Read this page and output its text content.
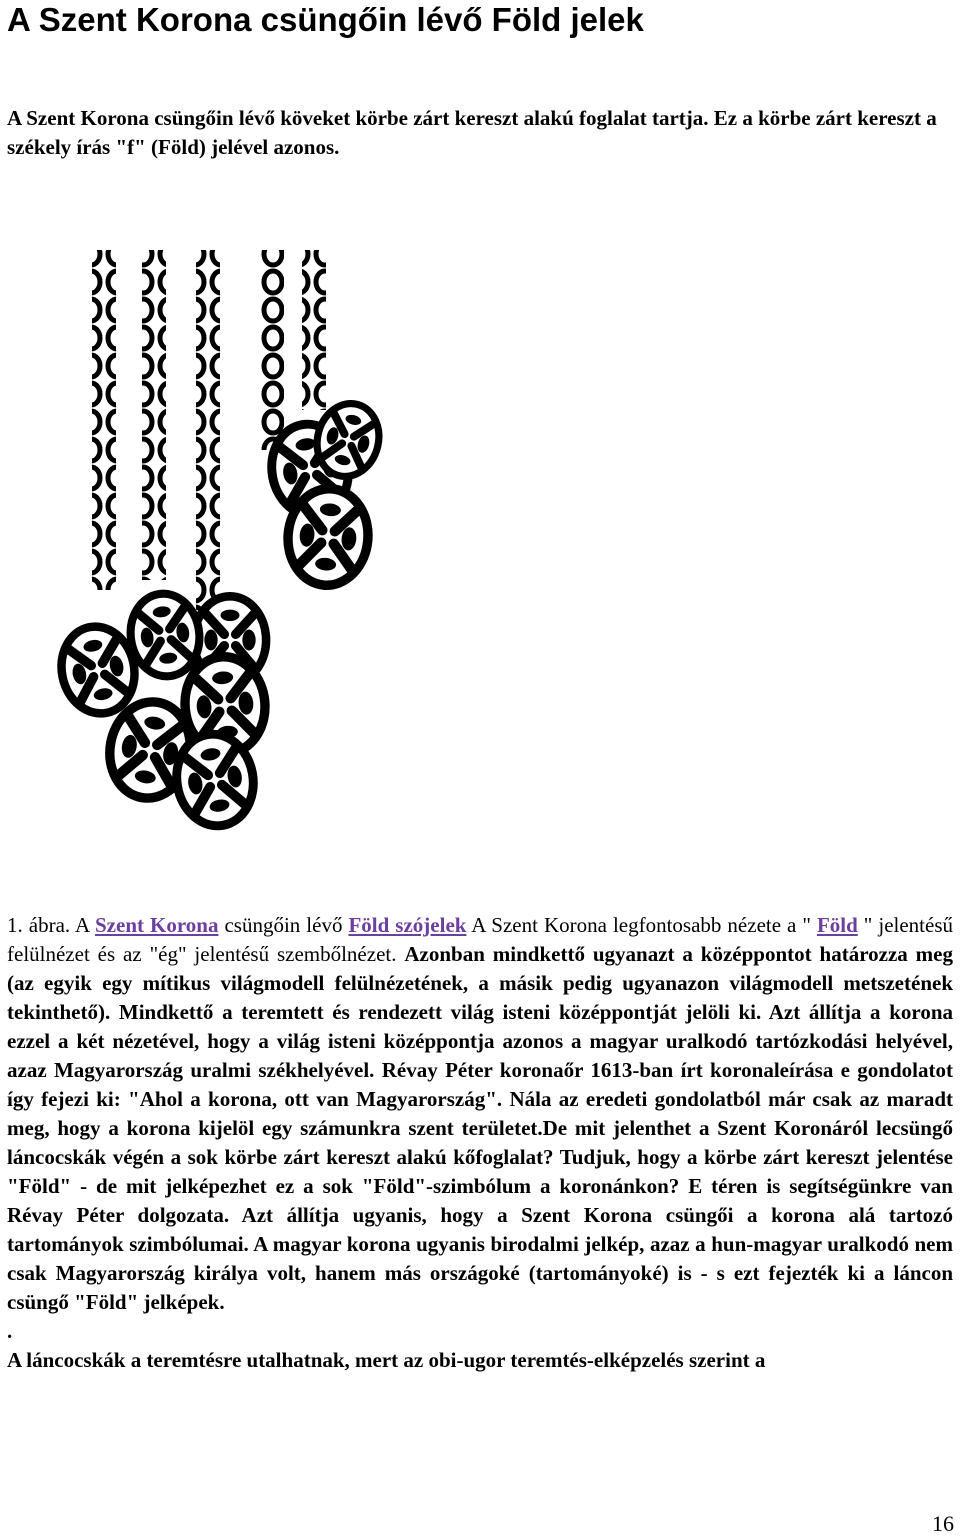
A Szent Korona csüngőin lévő Föld jelek

A Szent Korona csüngőin lévő köveket körbe zárt kereszt alakú foglalat tartja. Ez a körbe zárt kereszt a székely írás "f" (Föld) jelével azonos.

1. ábra. A Szent Korona csüngőin lévő Föld szójelek A Szent Korona legfontosabb nézete a " Föld " jelentésű felülnézet és az "ég" jelentésű szembőlnézet. Azonban mindkettő ugyanazt a középpontot határozza meg (az egyik egy mítikus világmodell felülnézetének, a másik pedig ugyanazon világmodell metszetének tekinthető). Mindkettő a teremtett és rendezett világ isteni középpontját jelöli ki. Azt állítja a korona ezzel a két nézetével, hogy a világ isteni középpontja azonos a magyar uralkodó tartózkodási helyével, azaz Magyarország uralmi székhelyével. Révay Péter koronaőr 1613-ban írt koronaleírása e gondolatot így fejezi ki: "Ahol a korona, ott van Magyarország". Nála az eredeti gondolatból már csak az maradt meg, hogy a korona kijelöl egy számunkra szent területet.De mit jelenthet a Szent Koronáról lecsüngő láncocskák végén a sok körbe zárt kereszt alakú kőfoglalat? Tudjuk, hogy a körbe zárt kereszt jelentése "Föld" - de mit jelképezhet ez a sok "Föld"-szimbólum a koronánkon? E téren is segítségünkre van Révay Péter dolgozata. Azt állítja ugyanis, hogy a Szent Korona csüngői a korona alá tartozó tartományok szimbólumai. A magyar korona ugyanis birodalmi jelkép, azaz a hun-magyar uralkodó nem csak Magyarország királya volt, hanem más országoké (tartományoké) is - s ezt fejezték ki a láncon csüngő "Föld" jelképek.
.
A láncocskák a teremtésre utalhatnak, mert az obi-ugor teremtés-elképzelés szerint a
16
